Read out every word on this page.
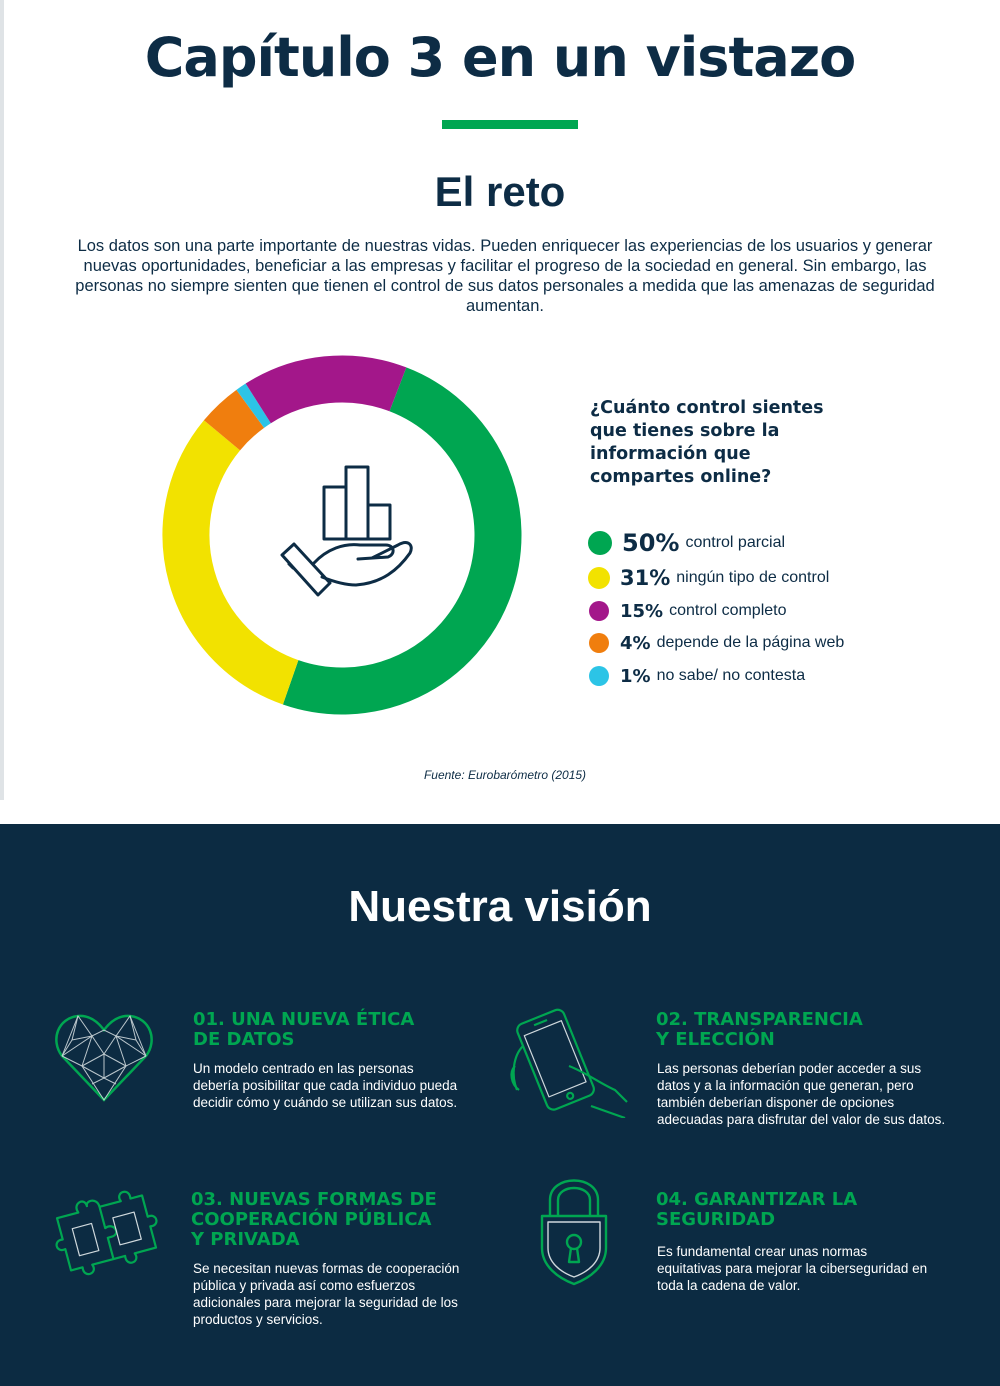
Capítulo 3 en un vistazo
El reto

Los datos son una parte importante de nuestras vidas. Pueden enriquecer las experiencias de los usuarios y generar nuevas oportunidades, beneficiar a las empresas y facilitar el progreso de la sociedad en general. Sin embargo, las personas no siempre sienten que tienen el control de sus datos personales a medida que las amenazas de seguridad aumentan.

¿Cuánto control sientes que tienes sobre la información que compartes online?
50% control parcial
31% ningún tipo de control
15% control completo
4% depende de la página web
1% no sabe/ no contesta
Fuente: Eurobarómetro (2015)
Nuestra visión
01. UNA NUEVA ÉTICA
DE DATOS
Un modelo centrado en las personas debería posibilitar que cada individuo pueda decidir cómo y cuándo se utilizan sus datos.
02. TRANSPARENCIA
Y ELECCIÓN
Las personas deberían poder acceder a sus datos y a la información que generan, pero también deberían disponer de opciones adecuadas para disfrutar del valor de sus datos.
03. NUEVAS FORMAS DE
COOPERACIÓN PÚBLICA
Y PRIVADA
Se necesitan nuevas formas de cooperación pública y privada así como esfuerzos adicionales para mejorar la seguridad de los productos y servicios.
04. GARANTIZAR LA
SEGURIDAD
Es fundamental crear unas normas equitativas para mejorar la ciberseguridad en toda la cadena de valor.
